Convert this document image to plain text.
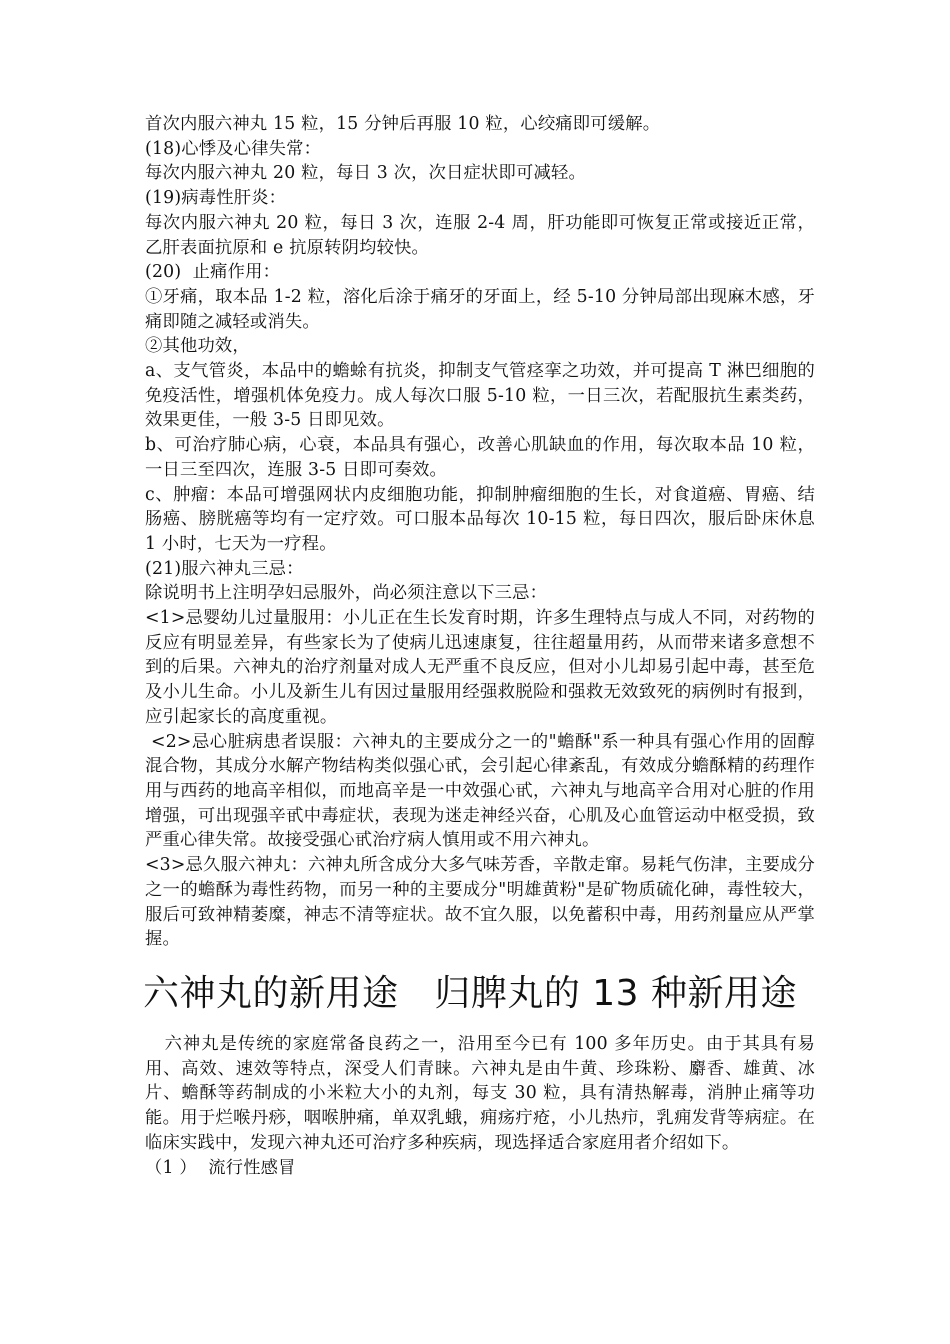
首次内服六神丸 15 粒，15 分钟后再服 10 粒，心绞痛即可缓解。

(18)心悸及心律失常：

每次内服六神丸 20 粒，每日 3 次，次日症状即可减轻。

(19)病毒性肝炎：

每次内服六神丸 20 粒，每日 3 次，连服 2-4 周，肝功能即可恢复正常或接近正常，乙肝表面抗原和 e 抗原转阴均较快。

(20)  止痛作用：

①牙痛，取本品 1-2 粒，溶化后涂于痛牙的牙面上，经 5-10 分钟局部出现麻木感，牙痛即随之减轻或消失。

②其他功效，

a、支气管炎，本品中的蟾蜍有抗炎，抑制支气管痉挛之功效，并可提高 T 淋巴细胞的免疫活性，增强机体免疫力。成人每次口服 5-10 粒，一日三次，若配服抗生素类药，效果更佳，一般 3-5 日即见效。

b、可治疗肺心病，心衰，本品具有强心，改善心肌缺血的作用，每次取本品 10 粒，一日三至四次，连服 3-5 日即可奏效。

c、肿瘤：本品可增强网状内皮细胞功能，抑制肿瘤细胞的生长，对食道癌、胃癌、结肠癌、膀胱癌等均有一定疗效。可口服本品每次 10-15 粒，每日四次，服后卧床休息 1 小时，七天为一疗程。

(21)服六神丸三忌：

除说明书上注明孕妇忌服外，尚必须注意以下三忌：

<1>忌婴幼儿过量服用：小儿正在生长发育时期，许多生理特点与成人不同，对药物的反应有明显差异，有些家长为了使病儿迅速康复，往往超量用药，从而带来诸多意想不到的后果。六神丸的治疗剂量对成人无严重不良反应，但对小儿却易引起中毒，甚至危及小儿生命。小儿及新生儿有因过量服用经强救脱险和强救无效致死的病例时有报到，应引起家长的高度重视。

<2>忌心脏病患者误服：六神丸的主要成分之一的"蟾酥"系一种具有强心作用的固醇混合物，其成分水解产物结构类似强心甙，会引起心律紊乱，有效成分蟾酥精的药理作用与西药的地高辛相似，而地高辛是一中效强心甙，六神丸与地高辛合用对心脏的作用增强，可出现强辛甙中毒症状，表现为迷走神经兴奋，心肌及心血管运动中枢受损，致严重心律失常。故接受强心甙治疗病人慎用或不用六神丸。

<3>忌久服六神丸：六神丸所含成分大多气味芳香，辛散走窜。易耗气伤津，主要成分之一的蟾酥为毒性药物，而另一种的主要成分"明雄黄粉"是矿物质硫化砷，毒性较大，服后可致神精萎糜，神志不清等症状。故不宜久服，以免蓄积中毒，用药剂量应从严掌握。

六神丸的新用途   归脾丸的 13 种新用途

六神丸是传统的家庭常备良药之一，沿用至今已有 100 多年历史。由于其具有易用、高效、速效等特点，深受人们青睐。六神丸是由牛黄、珍珠粉、麝香、雄黄、冰片、蟾酥等药制成的小米粒大小的丸剂，每支 30 粒，具有清热解毒，消肿止痛等功能。用于烂喉丹痧，咽喉肿痛，单双乳蛾，痈疡疔疮，小儿热疖，乳痈发背等病症。在临床实践中，发现六神丸还可治疗多种疾病，现选择适合家庭用者介绍如下。

（1 ）  流行性感冒
